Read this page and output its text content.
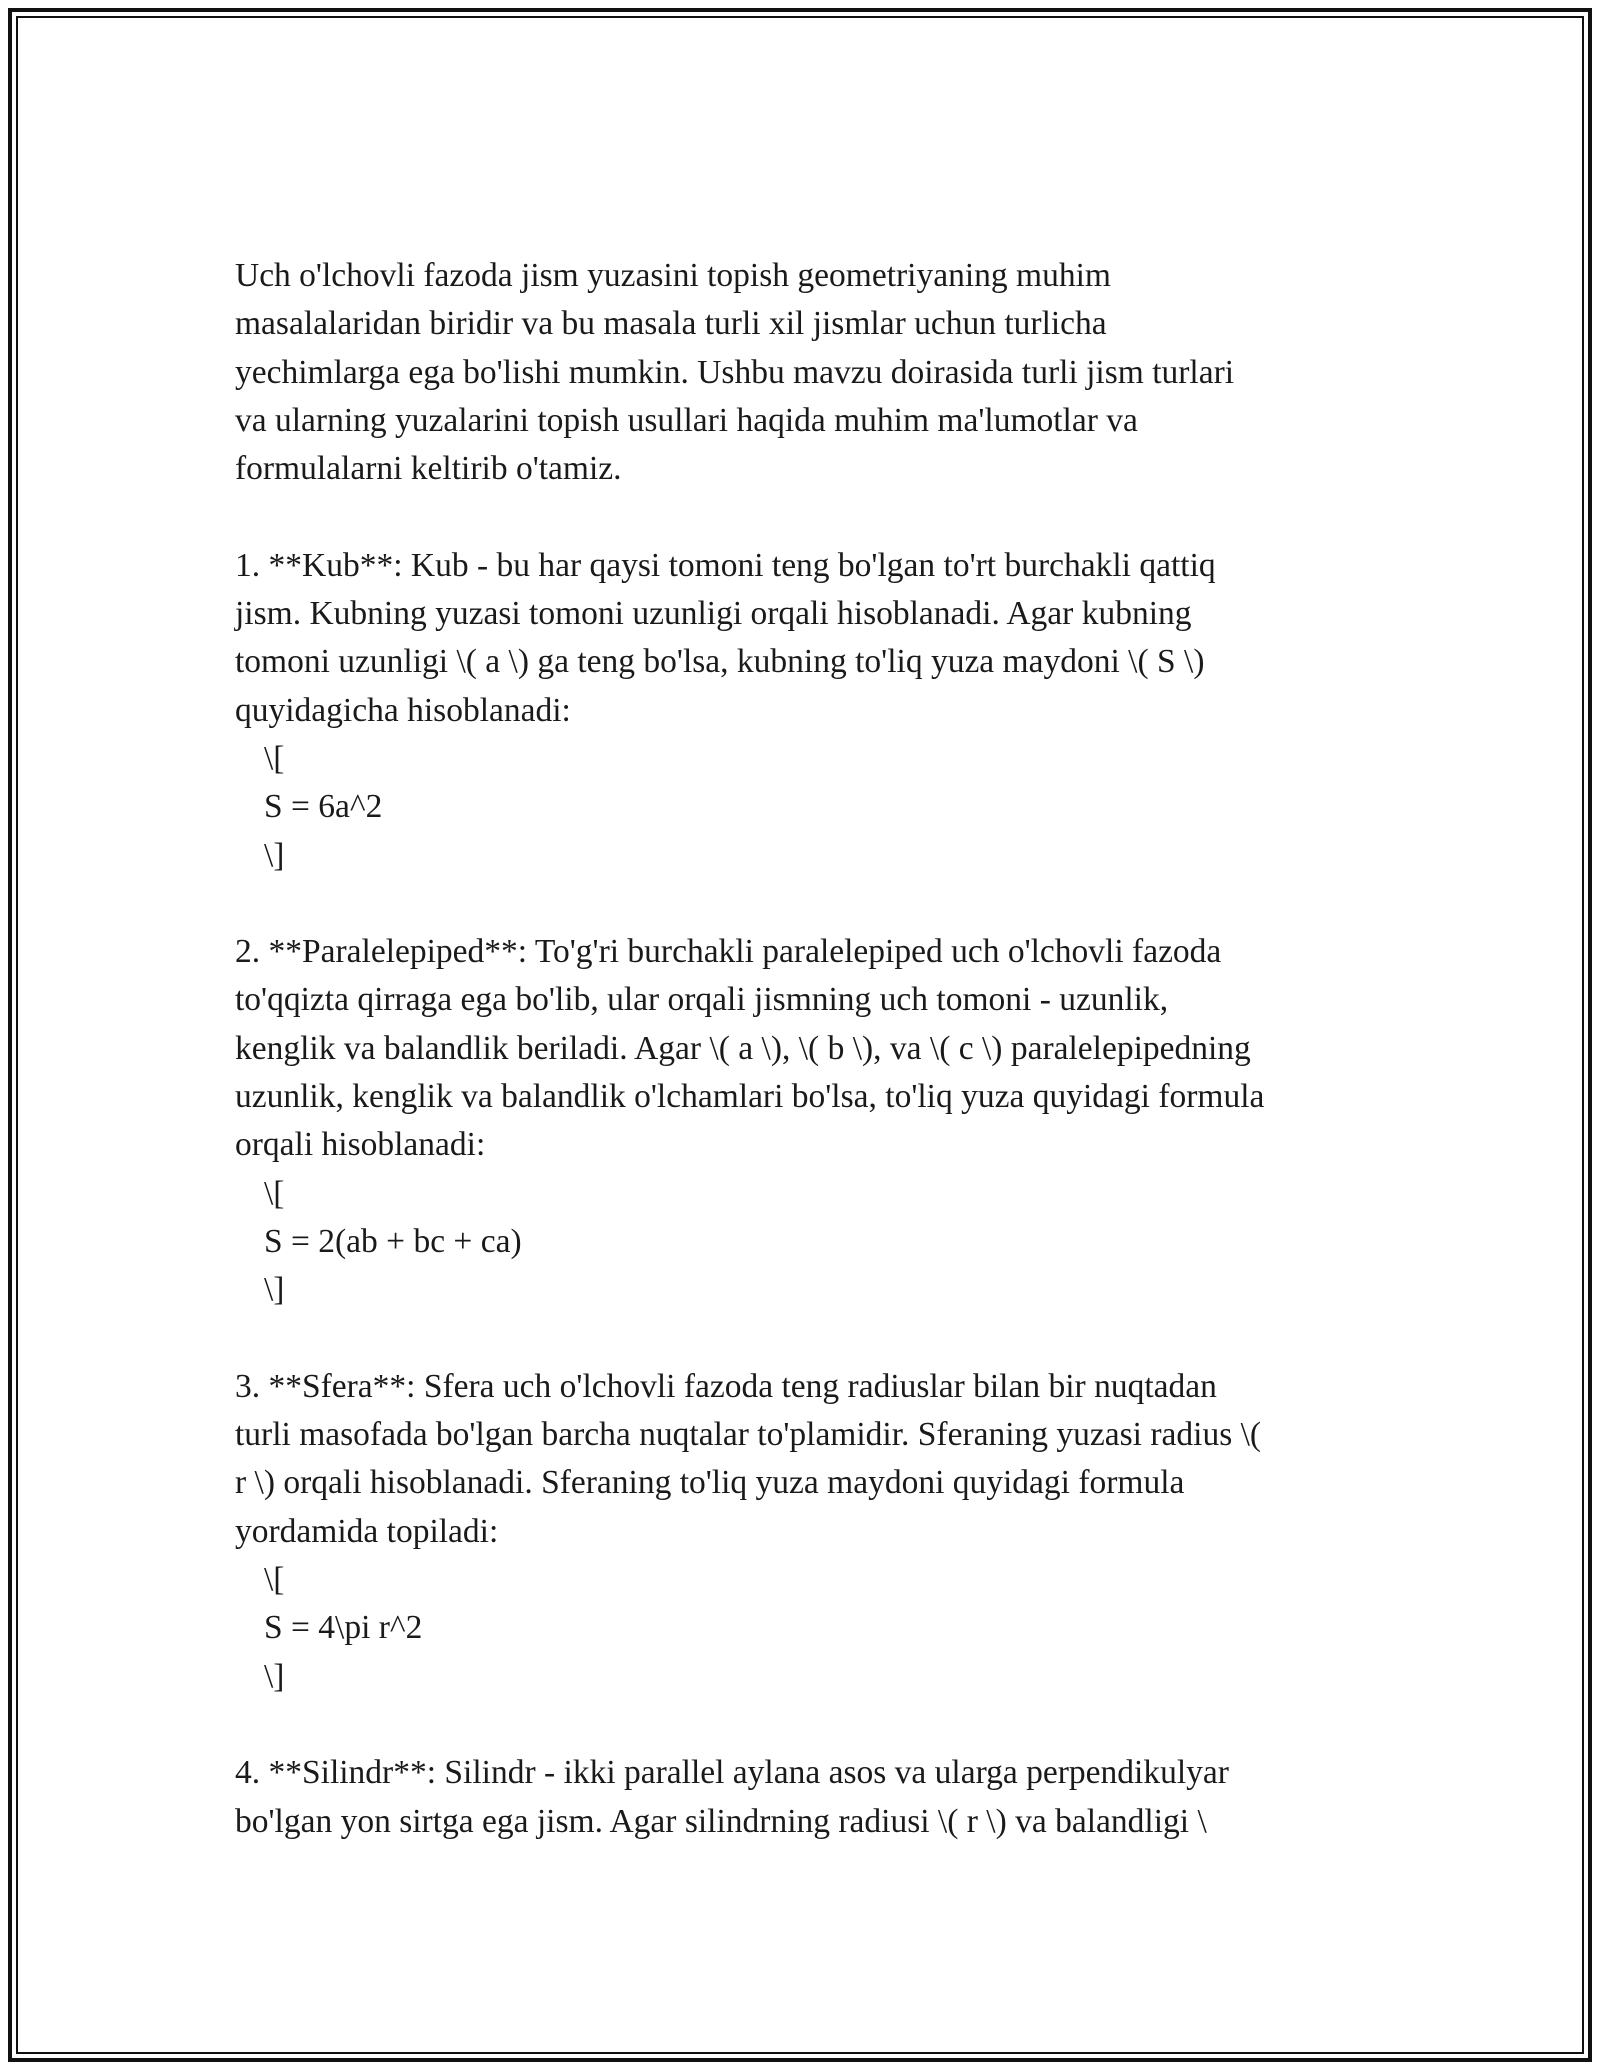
Uch o'lchovli fazoda jism yuzasini topish geometriyaning muhim
masalalaridan biridir va bu masala turli xil jismlar uchun turlicha
yechimlarga ega bo'lishi mumkin. Ushbu mavzu doirasida turli jism turlari
va ularning yuzalarini topish usullari haqida muhim ma'lumotlar va
formulalarni keltirib o'tamiz.
1. **Kub**: Kub - bu har qaysi tomoni teng bo'lgan to'rt burchakli qattiq
jism. Kubning yuzasi tomoni uzunligi orqali hisoblanadi. Agar kubning
tomoni uzunligi \( a \) ga teng bo'lsa, kubning to'liq yuza maydoni \( S \)
quyidagicha hisoblanadi:
\[
S = 6a^2
\]
2. **Paralelepiped**: To'g'ri burchakli paralelepiped uch o'lchovli fazoda
to'qqizta qirraga ega bo'lib, ular orqali jismning uch tomoni - uzunlik,
kenglik va balandlik beriladi. Agar \( a \), \( b \), va \( c \) paralelepipedning
uzunlik, kenglik va balandlik o'lchamlari bo'lsa, to'liq yuza quyidagi formula
orqali hisoblanadi:
\[
S = 2(ab + bc + ca)
\]
3. **Sfera**: Sfera uch o'lchovli fazoda teng radiuslar bilan bir nuqtadan
turli masofada bo'lgan barcha nuqtalar to'plamidir. Sferaning yuzasi radius \(
r \) orqali hisoblanadi. Sferaning to'liq yuza maydoni quyidagi formula
yordamida topiladi:
\[
S = 4\pi r^2
\]
4. **Silindr**: Silindr - ikki parallel aylana asos va ularga perpendikulyar
bo'lgan yon sirtga ega jism. Agar silindrning radiusi \( r \) va balandligi \
